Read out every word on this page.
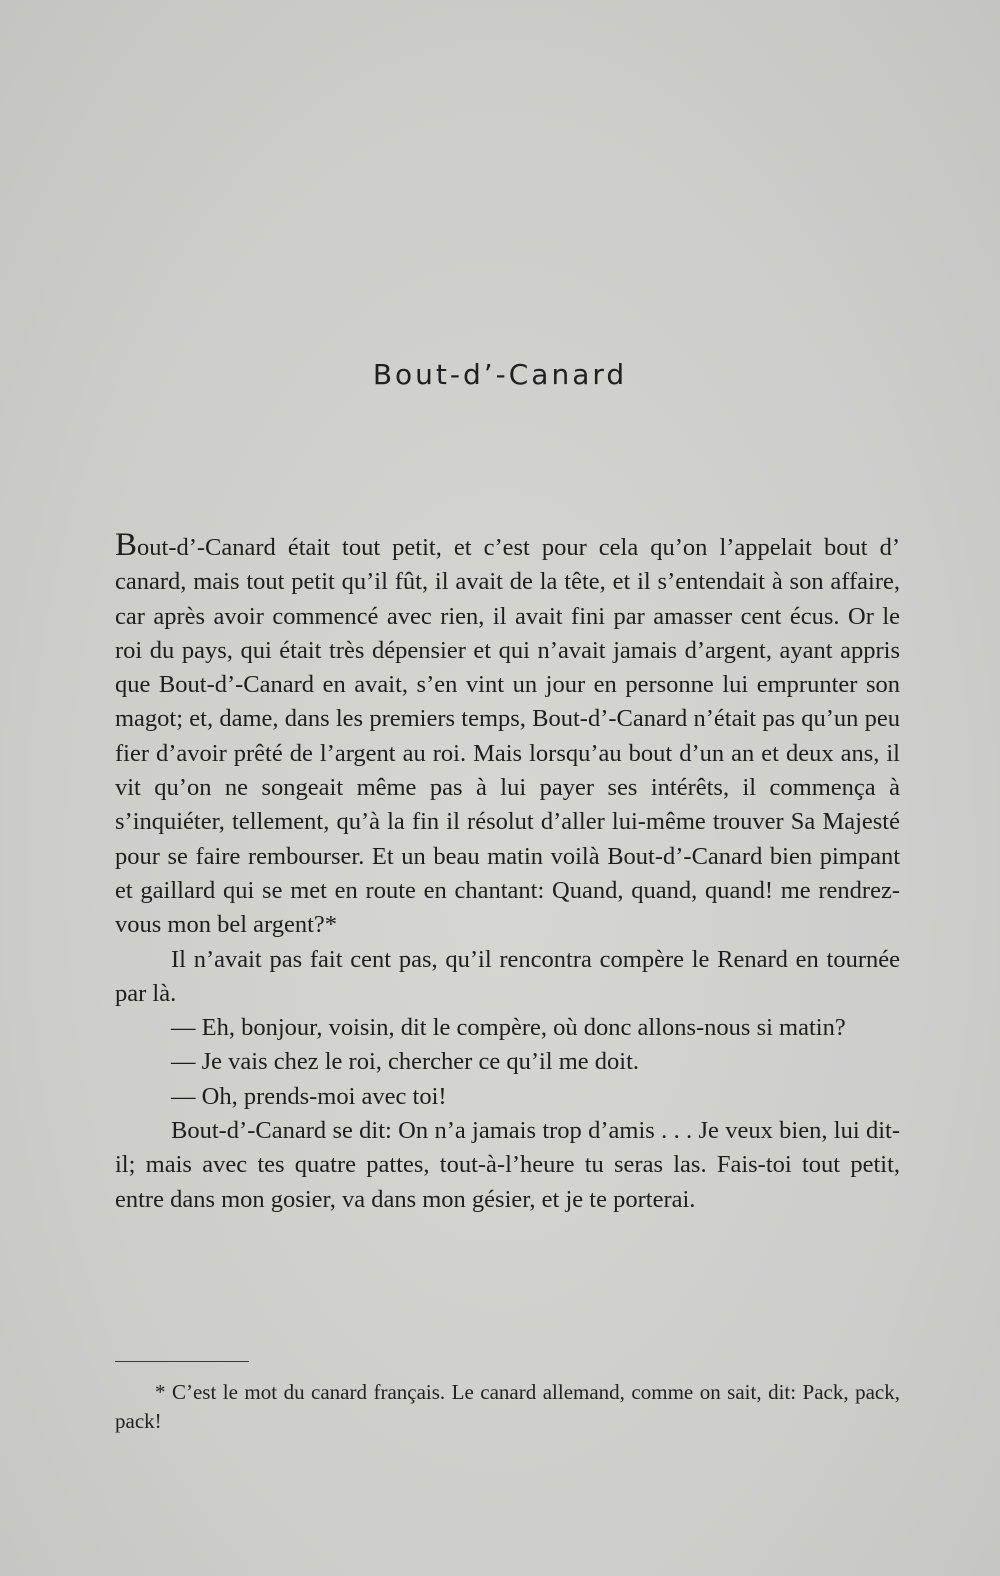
Bout-d’-Canard

Bout-d’-Canard était tout petit, et c’est pour cela qu’on l’appelait bout d’ canard, mais tout petit qu’il fût, il avait de la tête, et il s’entendait à son affaire, car après avoir commencé avec rien, il avait fini par amasser cent écus. Or le roi du pays, qui était très dépensier et qui n’avait jamais d’argent, ayant appris que Bout-d’-Canard en avait, s’en vint un jour en personne lui emprunter son magot; et, dame, dans les premiers temps, Bout-d’-Canard n’était pas qu’un peu fier d’avoir prêté de l’argent au roi. Mais lorsqu’au bout d’un an et deux ans, il vit qu’on ne songeait même pas à lui payer ses intérêts, il commença à s’inquiéter, tellement, qu’à la fin il résolut d’aller lui-même trouver Sa Majesté pour se faire rembourser. Et un beau matin voilà Bout-d’-Canard bien pimpant et gaillard qui se met en route en chantant: Quand, quand, quand! me rendrez-vous mon bel argent?*

Il n’avait pas fait cent pas, qu’il rencontra compère le Renard en tournée par là.

— Eh, bonjour, voisin, dit le compère, où donc allons-nous si matin?

— Je vais chez le roi, chercher ce qu’il me doit.

— Oh, prends-moi avec toi!

Bout-d’-Canard se dit: On n’a jamais trop d’amis . . . Je veux bien, lui dit-il; mais avec tes quatre pattes, tout-à-l’heure tu seras las. Fais-toi tout petit, entre dans mon gosier, va dans mon gésier, et je te porterai.

* C’est le mot du canard français. Le canard allemand, comme on sait, dit: Pack, pack, pack!
